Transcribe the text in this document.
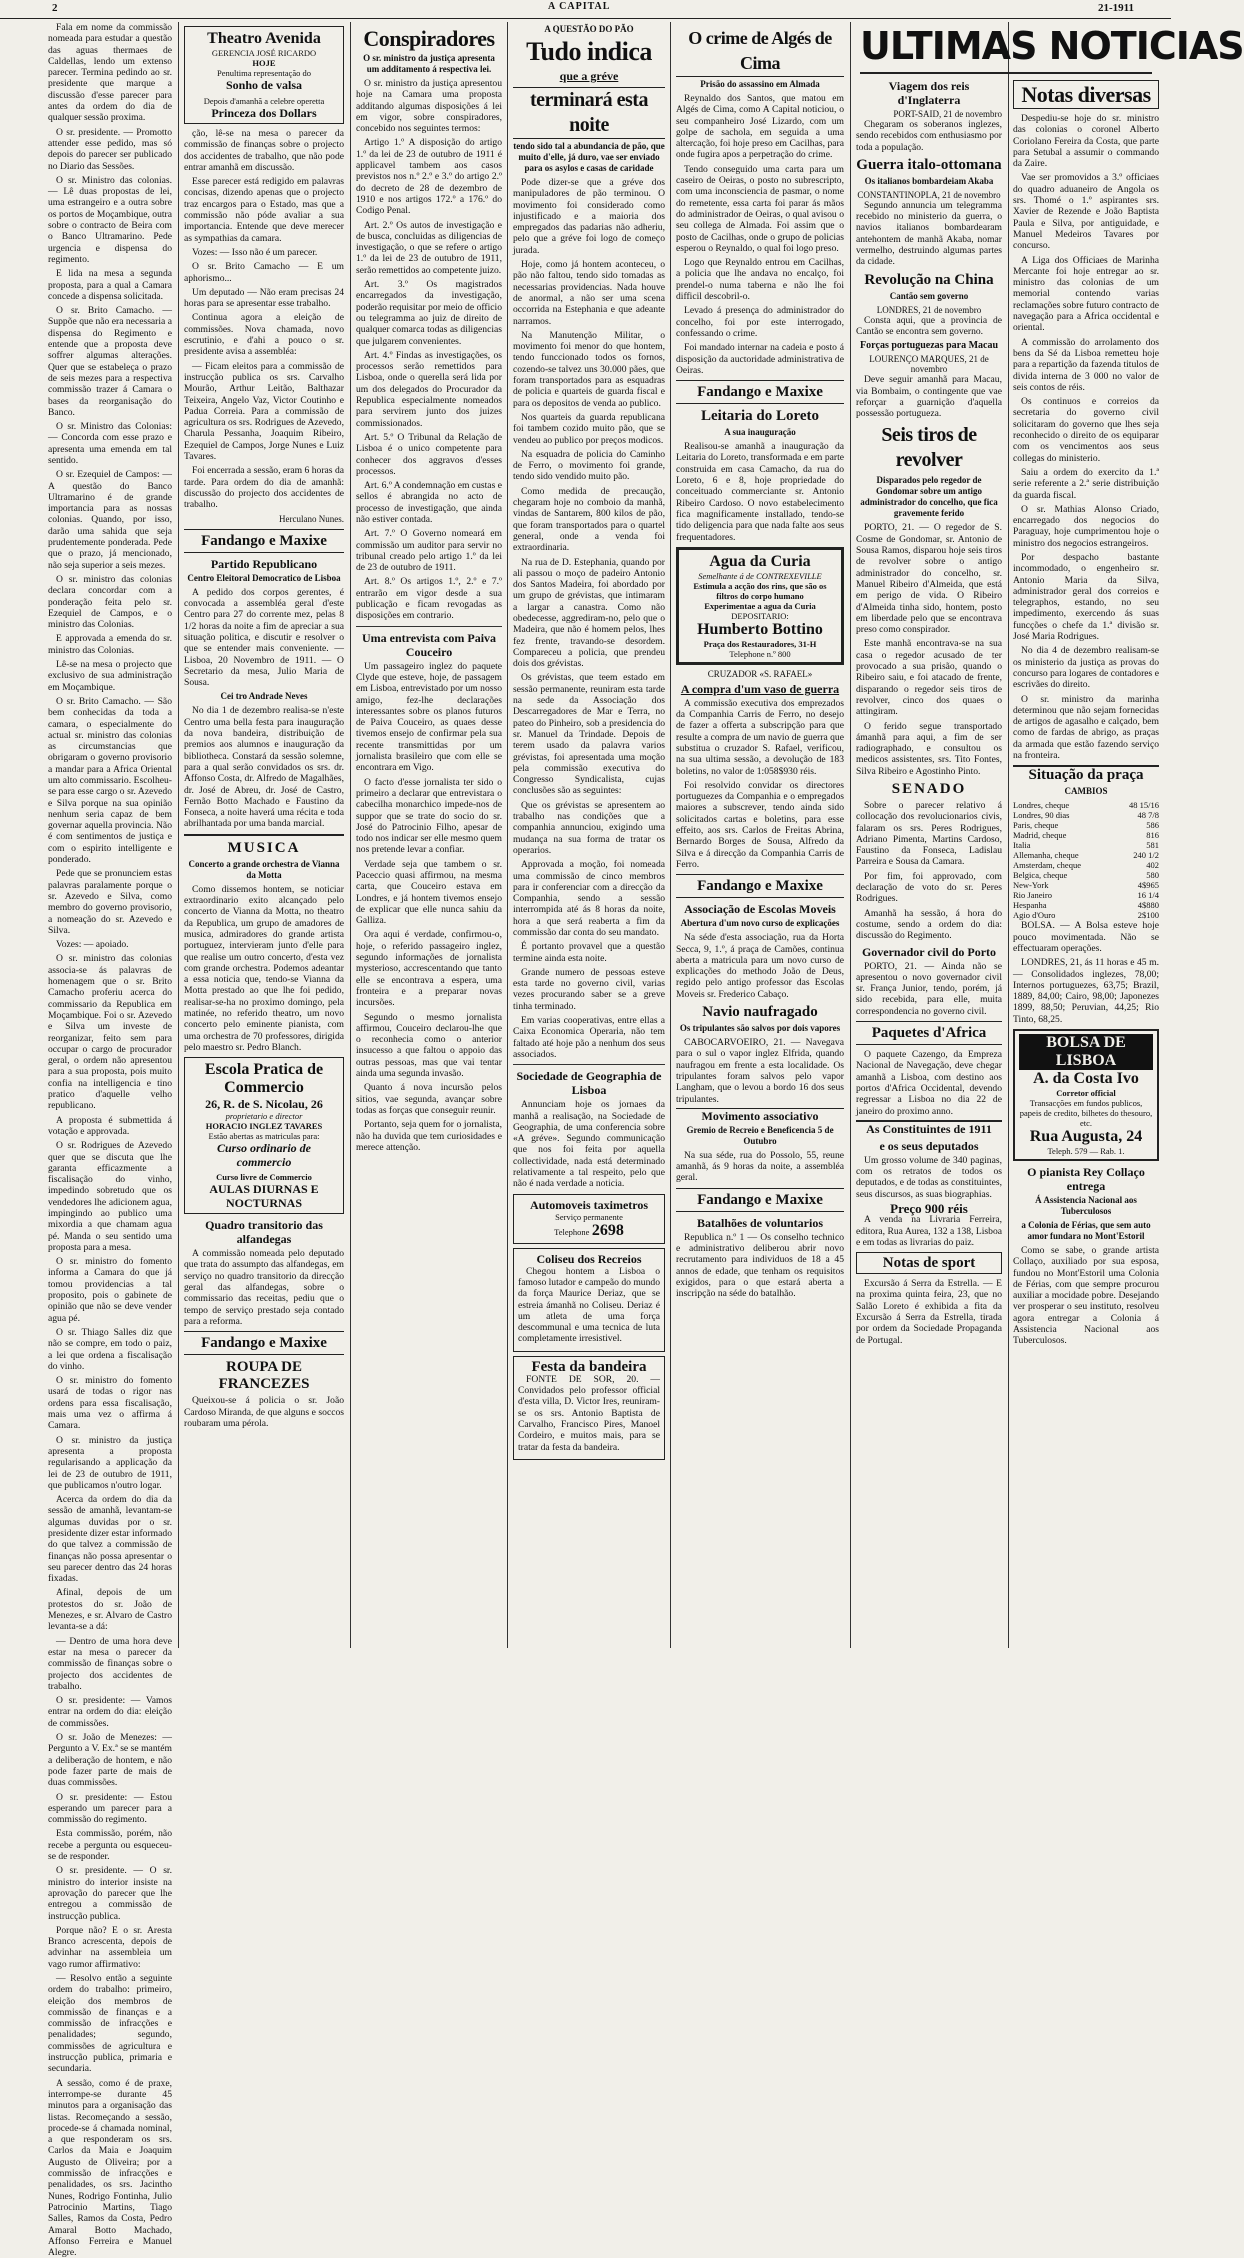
2	A CAPITAL	21-1911

Fala em nome da commissão nomeada para estudar a questão das aguas thermaes de Caldellas, lendo um extenso parecer. Termina pedindo ao sr. presidente que marque a discussão d'esse parecer para antes da ordem do dia de qualquer sessão proxima.

O sr. presidente. — Promotto attender esse pedido, mas só depois do parecer ser publicado no Diario das Sessões.

O sr. Ministro das colonias. — Lê duas propostas de lei, uma estrangeiro e a outra sobre os portos de Moçambique, outra sobre o contracto de Beira com o Banco Ultramarino. Pede urgencia e dispensa do regimento.

E lida na mesa a segunda proposta, para a qual a Camara concede a dispensa solicitada.

O sr. Brito Camacho. — Suppõe que não era necessaria a dispensa do Regimento e entende que a proposta deve soffrer algumas alterações. Quer que se estabeleça o prazo de seis mezes para a respectiva commissão trazer á Camara o bases da reorganisação do Banco.

O sr. Ministro das Colonias: — Concorda com esse prazo e apresenta uma emenda em tal sentido.

O sr. Ezequiel de Campos: — A questão do Banco Ultramarino é de grande importancia para as nossas colonias. Quando, por isso, darão uma sahida que seja prudentemente ponderada. Pede que o prazo, já mencionado, não seja superior a seis mezes.

O sr. ministro das colonias declara concordar com a ponderação feita pelo sr. Ezequiel de Campos, e o ministro das Colonias.

E approvada a emenda do sr. ministro das Colonias.

Lê-se na mesa o projecto que exclusivo de sua administração em Moçambique.

O sr. Brito Camacho. — São bem conhecidas da toda a camara, o especialmente do actual sr. ministro das colonias as circumstancias que obrigaram o governo provisorio a mandar para a Africa Oriental um alto commissario. Escolheu-se para esse cargo o sr. Azevedo e Silva porque na sua opinião nenhum seria capaz de bem governar aquella provincia. Não é com sentimentos de justiça e com o espirito intelligente e ponderado.

Pede que se pronunciem estas palavras paralamente porque o sr. Azevedo e Silva, como membro do governo provisorio, a nomeação do sr. Azevedo e Silva.

Vozes: — apoiado.

O sr. ministro das colonias associa-se ás palavras de homenagem que o sr. Brito Camacho proferiu acerca do commissario da Republica em Moçambique. Foi o sr. Azevedo e Silva um investe de reorganizar, feito sem para occupar o cargo de procurador geral, o ordem não apresentou para a sua proposta, pois muito confia na intelligencia e tino pratico d'aquelle velho republicano.

A proposta é submettida á votação e approvada.

O sr. Rodrigues de Azevedo quer que se discuta que lhe garanta efficazmente a fiscalisação do vinho, impedindo sobretudo que os vendedores lhe adicionem agua, impingindo ao publico uma mixordia a que chamam agua pé. Manda o seu sentido uma proposta para a mesa.

O sr. ministro do fomento informa a Camara do que já tomou providencias a tal proposito, pois o gabinete de opinião que não se deve vender agua pé.

O sr. Thiago Salles diz que não se compre, em todo o paiz, a lei que ordena a fiscalisação do vinho.

O sr. ministro do fomento usará de todas o rigor nas ordens para essa fiscalisação, mais uma vez o affirma á Camara.

O sr. ministro da justiça apresenta a proposta regularisando a applicação da lei de 23 de outubro de 1911, que publicamos n'outro logar.

Acerca da ordem do dia da sessão de amanhã, levantam-se algumas duvidas por o sr. presidente dizer estar informado do que talvez a commissão de finanças não possa apresentar o seu parecer dentro das 24 horas fixadas.

Afinal, depois de um protestos do sr. João de Menezes, e sr. Alvaro de Castro levanta-se a dá:

— Dentro de uma hora deve estar na mesa o parecer da commissão de finanças sobre o projecto dos accidentes de trabalho.

O sr. presidente: — Vamos entrar na ordem do dia: eleição de commissões.

O sr. João de Menezes: — Pergunto a V. Ex.ª se se mantém a deliberação de hontem, e não pode fazer parte de mais de duas commissões.

O sr. presidente: — Estou esperando um parecer para a commissão do regimento.

Esta commissão, porém, não recebe a pergunta ou esqueceu-se de responder.

O sr. presidente. — O sr. ministro do interior insiste na aprovação do parecer que lhe entregou a commissão de instrucção publica.

Porque não? E o sr. Aresta Branco acrescenta, depois de advinhar na assembleia um vago rumor affirmativo:

— Resolvo então a seguinte ordem do trabalho: primeiro, eleição dos membros de commissão de finanças e a commissão de infracções e penalidades; segundo, commissões de agricultura e instrucção publica, primaria e secundaria.

A sessão, como é de praxe, interrompe-se durante 45 minutos para a organisação das listas. Recomeçando a sessão, procede-se á chamada nominal, a que responderam os srs. Carlos da Maia e Joaquim Augusto de Oliveira; por a commissão de infracções e penalidades, os srs. Jacintho Nunes, Rodrigo Fontinha, Julio Patrocinio Martins, Tiago Salles, Ramos da Costa, Pedro Amaral Botto Machado, Affonso Ferreira e Manuel Alegre.

Theatro Avenida
GERENCIA JOSÉ RICARDO
HOJE
Penultima representação do
Sonho de valsa
Depois d'amanhã a celebre operetta
Princeza dos Dollars

ção, lê-se na mesa o parecer da commissão de finanças sobre o projecto dos accidentes de trabalho, que não pode entrar amanhã em discussão.

Esse parecer está redigido em palavras concisas, dizendo apenas que o projecto traz encargos para o Estado, mas que a commissão não póde avaliar a sua importancia. Entende que deve merecer as sympathias da camara.

Vozes: — Isso não é um parecer.

O sr. Brito Camacho — E um aphorismo...

Um deputado — Não eram precisas 24 horas para se apresentar esse trabalho.

Continua agora a eleição de commissões. Nova chamada, novo escrutinio, e d'ahi a pouco o sr. presidente avisa a assembléa:

— Ficam eleitos para a commissão de instrucção publica os srs. Carvalho Mourão, Arthur Leitão, Balthazar Teixeira, Angelo Vaz, Victor Coutinho e Padua Correia. Para a commissão de agricultura os srs. Rodrigues de Azevedo, Charula Pessanha, Joaquim Ribeiro, Ezequiel de Campos, Jorge Nunes e Luiz Tavares.

Foi encerrada a sessão, eram 6 horas da tarde. Para ordem do dia de amanhã: discussão do projecto dos accidentes de trabalho.

Herculano Nunes.
Fandango e Maxixe
Partido Republicano
Centro Eleitoral Democratico de Lisboa

A pedido dos corpos gerentes, é convocada a assembléa geral d'este Centro para 27 do corrente mez, pelas 8 1/2 horas da noite a fim de apreciar a sua situação politica, e discutir e resolver o que se entender mais conveniente. — Lisboa, 20 Novembro de 1911. — O Secretario da mesa, Julio Maria de Sousa.

Cei tro Andrade Neves

No dia 1 de dezembro realisa-se n'este Centro uma bella festa para inauguração da nova bandeira, distribuição de premios aos alumnos e inauguração da bibliotheca. Constará da sessão solemne, para a qual serão convidados os srs. dr. Affonso Costa, dr. Alfredo de Magalhães, dr. José de Abreu, dr. José de Castro, Fernão Botto Machado e Faustino da Fonseca, a noite haverá uma récita e toda abrilhantada por uma banda marcial.

MUSICA
Concerto a grande orchestra de Vianna da Motta

Como dissemos hontem, se noticiar extraordinario exito alcançado pelo concerto de Vianna da Motta, no theatro da Republica, um grupo de amadores de musica, admiradores do grande artista portuguez, intervieram junto d'elle para que realise um outro concerto, d'esta vez com grande orchestra. Podemos adeantar a essa noticia que, tendo-se Vianna da Motta prestado ao que lhe foi pedido, realisar-se-ha no proximo domingo, pela matinée, no referido theatro, um novo concerto pelo eminente pianista, com uma orchestra de 70 professores, dirigida pelo maestro sr. Pedro Blanch.

Escola Pratica de Commercio
26, R. de S. Nicolau, 26
proprietario e director
HORACIO INGLEZ TAVARES
Estão abertas as matriculas para:
Curso ordinario de commercio
Curso livre de Commercio
AULAS DIURNAS E NOCTURNAS
Quadro transitorio das alfandegas

A commissão nomeada pelo deputado que trata do assumpto das alfandegas, em serviço no quadro transitorio da direcção geral das alfandegas, sobre o commissario das receitas, pediu que o tempo de serviço prestado seja contado para a reforma.

Fandango e Maxixe
ROUPA DE FRANCEZES

Queixou-se á policia o sr. João Cardoso Miranda, de que alguns e soccos roubaram uma pérola.

Conspiradores
O sr. ministro da justiça apresenta um additamento á respectiva lei.

O sr. ministro da justiça apresentou hoje na Camara uma proposta additando algumas disposições á lei em vigor, sobre conspiradores, concebido nos seguintes termos:

Artigo 1.º A disposição do artigo 1.º da lei de 23 de outubro de 1911 é applicavel tambem aos casos previstos nos n.º 2.º e 3.º do artigo 2.º do decreto de 28 de dezembro de 1910 e nos artigos 172.º a 176.º do Codigo Penal.

Art. 2.º Os autos de investigação e de busca, concluidas as diligencias de investigação, o que se refere o artigo 1.º da lei de 23 de outubro de 1911, serão remettidos ao competente juizo.

Art. 3.º Os magistrados encarregados da investigação, poderão requisitar por meio de officio ou telegramma ao juiz de direito de qualquer comarca todas as diligencias que julgarem convenientes.

Art. 4.º Findas as investigações, os processos serão remettidos para Lisboa, onde o querella será lida por um dos delegados do Procurador da Republica especialmente nomeados para servirem junto dos juizes commissionados.

Art. 5.º O Tribunal da Relação de Lisboa é o unico competente para conhecer dos aggravos d'esses processos.

Art. 6.º A condemnação em custas e sellos é abrangida no acto de processo de investigação, que ainda não estiver contada.

Art. 7.º O Governo nomeará em commissão um auditor para servir no tribunal creado pelo artigo 1.º da lei de 23 de outubro de 1911.

Art. 8.º Os artigos 1.º, 2.º e 7.º entrarão em vigor desde a sua publicação e ficam revogadas as disposições em contrario.

Uma entrevista com Paiva Couceiro

Um passageiro inglez do paquete Clyde que esteve, hoje, de passagem em Lisboa, entrevistado por um nosso amigo, fez-lhe declarações interessantes sobre os planos futuros de Paiva Couceiro, as quaes desse tivemos ensejo de confirmar pela sua recente transmittidas por um jornalista brasileiro que com elle se encontrara em Vigo.

O facto d'esse jornalista ter sido o primeiro a declarar que entrevistara o cabecilha monarchico impede-nos de suppor que se trate do socio do sr. José do Patrocinio Filho, apesar de todo nos indicar ser elle mesmo quem nos pretende levar a confiar.

Verdade seja que tambem o sr. Paceccio quasi affirmou, na mesma carta, que Couceiro estava em Londres, e já hontem tivemos ensejo de explicar que elle nunca sahiu da Galliza.

Ora aqui é verdade, confirmou-o, hoje, o referido passageiro inglez, segundo informações de jornalista mysterioso, accrescentando que tanto elle se encontrava a espera, uma fronteira e a preparar novas incursões.

Segundo o mesmo jornalista affirmou, Couceiro declarou-lhe que o reconhecia como o anterior insucesso a que faltou o appoio das outras pessoas, mas que vai tentar ainda uma segunda invasão.

Quanto á nova incursão pelos sitios, vae segunda, avançar sobre todas as forças que conseguir reunir.

Portanto, seja quem for o jornalista, não ha duvida que tem curiosidades e merece attenção.

A QUESTÃO DO PÃO
Tudo indica
que a gréve
terminará esta noite
tendo sido tal a abundancia de pão, que muito d'elle, já duro, vae ser enviado para os asylos e casas de caridade

Pode dizer-se que a gréve dos manipuladores de pão terminou. O movimento foi considerado como injustificado e a maioria dos empregados das padarias não adheriu, pelo que a gréve foi logo de começo jurada.

Hoje, como já hontem aconteceu, o pão não faltou, tendo sido tomadas as necessarias providencias. Nada houve de anormal, a não ser uma scena occorrida na Estephania e que adeante narramos.

Na Manutenção Militar, o movimento foi menor do que hontem, tendo funccionado todos os fornos, cozendo-se talvez uns 30.000 pães, que foram transportados para as esquadras de policia e quarteis de guarda fiscal e para os depositos de venda ao publico.

Nos quarteis da guarda republicana foi tambem cozido muito pão, que se vendeu ao publico por preços modicos.

Na esquadra de policia do Caminho de Ferro, o movimento foi grande, tendo sido vendido muito pão.

Como medida de precaução, chegaram hoje no comboio da manhã, vindas de Santarem, 800 kilos de pão, que foram transportados para o quartel general, onde a venda foi extraordinaria.

Na rua de D. Estephania, quando por ali passou o moço de padeiro Antonio dos Santos Madeira, foi abordado por um grupo de grévistas, que intimaram a largar a canastra. Como não obedecesse, aggrediram-no, pelo que o Madeira, que não é homem pelos, lhes fez frente, travando-se desordem. Compareceu a policia, que prendeu dois dos grévistas.

Os grévistas, que teem estado em sessão permanente, reuniram esta tarde na sede da Associação dos Descarregadores de Mar e Terra, no pateo do Pinheiro, sob a presidencia do sr. Manuel da Trindade. Depois de terem usado da palavra varios grévistas, foi apresentada uma moção pela commissão executiva do Congresso Syndicalista, cujas conclusões são as seguintes:

Que os grévistas se apresentem ao trabalho nas condições que a companhia annunciou, exigindo uma mudança na sua forma de tratar os operarios.

Approvada a moção, foi nomeada uma commissão de cinco membros para ir conferenciar com a direcção da Companhia, sendo a sessão interrompida até ás 8 horas da noite, hora a que será reaberta a fim da commissão dar conta do seu mandato.

É portanto provavel que a questão termine ainda esta noite.

Grande numero de pessoas esteve esta tarde no governo civil, varias vezes procurando saber se a greve tinha terminado.

Em varias cooperativas, entre ellas a Caixa Economica Operaria, não tem faltado até hoje pão a nenhum dos seus associados.

Sociedade de Geographia de Lisboa

Annunciam hoje os jornaes da manhã a realisação, na Sociedade de Geographia, de uma conferencia sobre «A gréve». Segundo communicação que nos foi feita por aquella collectividade, nada está determinado relativamente a tal respeito, pelo que não é nada verdade a noticia.

Automoveis taximetros
Serviço permanente
Telephone 2698
Coliseu dos Recreios

Chegou hontem a Lisboa o famoso lutador e campeão do mundo da força Maurice Deriaz, que se estreia ámanhã no Coliseu. Deriaz é um atleta de uma força descommunal e uma tecnica de luta completamente irresistivel.

Festa da bandeira

FONTE DE SOR, 20. — Convidados pelo professor official d'esta villa, D. Victor Ires, reuniram-se os srs. Antonio Baptista de Carvalho, Francisco Pires, Manoel Cordeiro, e muitos mais, para se tratar da festa da bandeira.

O crime de Algés de Cima
Prisão do assassino em Almada

Reynaldo dos Santos, que matou em Algés de Cima, como A Capital noticiou, o seu companheiro José Lizardo, com um golpe de sachola, em seguida a uma altercação, foi hoje preso em Cacilhas, para onde fugira apos a perpetração do crime.

Tendo conseguido uma carta para um caseiro de Oeiras, o posto no subrescripto, com uma inconsciencia de pasmar, o nome do remetente, essa carta foi parar ás mãos do administrador de Oeiras, o qual avisou o seu collega de Almada. Foi assim que o posto de Cacilhas, onde o grupo de policias esperou o Reynaldo, o qual foi logo preso.

Logo que Reynaldo entrou em Cacilhas, a policia que lhe andava no encalço, foi prendel-o numa taberna e não lhe foi difficil descobril-o.

Levado á presença do administrador do concelho, foi por este interrogado, confessando o crime.

Foi mandado internar na cadeia e posto á disposição da auctoridade administrativa de Oeiras.

Fandango e Maxixe
Leitaria do Loreto
A sua inauguração

Realisou-se amanhã a inauguração da Leitaria do Loreto, transformada e em parte construida em casa Camacho, da rua do Loreto, 6 e 8, hoje propriedade do conceituado commerciante sr. Antonio Ribeiro Cardoso. O novo estabelecimento fica magnificamente installado, tendo-se tido deligencia para que nada falte aos seus frequentadores.

Agua da Curia
Semelhante á de CONTREXEVILLE
Estimula a acção dos rins, que são os filtros do corpo humano
Experimentae a agua da Curia
DEPOSITARIO:
Humberto Bottino
Praça dos Restauradores, 31-H
Telephone n.º 800
CRUZADOR «S. RAFAEL»
A compra d'um vaso de guerra

A commissão executiva dos emprezados da Companhia Carris de Ferro, no desejo de fazer a offerta a subscripção para que resulte a compra de um navio de guerra que substitua o cruzador S. Rafael, verificou, na sua ultima sessão, a devolução de 183 boletins, no valor de 1:058$930 réis.

Foi resolvido convidar os directores portuguezes da Companhia e o empregados maiores a subscrever, tendo ainda sido solicitados cartas e boletins, para esse effeito, aos srs. Carlos de Freitas Abrina, Bernardo Borges de Sousa, Alfredo da Silva e á direcção da Companhia Carris de Ferro.

Fandango e Maxixe
Associação de Escolas Moveis
Abertura d'um novo curso de explicações

Na séde d'esta associação, rua da Horta Secca, 9, 1.º, á praça de Camões, continua aberta a matricula para um novo curso de explicações do methodo João de Deus, regido pelo antigo professor das Escolas Moveis sr. Frederico Cabaço.

Navio naufragado
Os tripulantes são salvos por dois vapores

CABOCARVOEIRO, 21. — Navegava para o sul o vapor inglez Elfrida, quando naufragou em frente a esta localidade. Os tripulantes foram salvos pelo vapor Langham, que o levou a bordo 16 dos seus tripulantes.

Movimento associativo
Gremio de Recreio e Beneficencia 5 de Outubro

Na sua séde, rua do Possolo, 55, reune amanhã, ás 9 horas da noite, a assembléa geral.

Fandango e Maxixe
Batalhões de voluntarios

Republica n.º 1 — Os conselho technico e administrativo deliberou abrir novo recrutamento para individuos de 18 a 45 annos de edade, que tenham os requisitos exigidos, para o que estará aberta a inscripção na séde do batalhão.

ULTIMAS NOTICIAS
Viagem dos reis d'Inglaterra
PORT-SAID, 21 de novembro

Chegaram os soberanos inglezes, sendo recebidos com enthusiasmo por toda a população.

Guerra italo-ottomana
Os italianos bombardeiam Akaba
CONSTANTINOPLA, 21 de novembro

Segundo annuncia um telegramma recebido no ministerio da guerra, o navios italianos bombardearam antehontem de manhã Akaba, nomar vermelho, destruindo algumas partes da cidade.

Revolução na China
Cantão sem governo
LONDRES, 21 de novembro

Consta aqui, que a provincia de Cantão se encontra sem governo.

Forças portuguezas para Macau
LOURENÇO MARQUES, 21 de novembro

Deve seguir amanhã para Macau, via Bombaim, o contingente que vae reforçar a guarnição d'aquella possessão portugueza.

Seis tiros de revolver
Disparados pelo regedor de Gondomar sobre um antigo administrador do concelho, que fica gravemente ferido

PORTO, 21. — O regedor de S. Cosme de Gondomar, sr. Antonio de Sousa Ramos, disparou hoje seis tiros de revolver sobre o antigo administrador do concelho, sr. Manuel Ribeiro d'Almeida, que está em perigo de vida. O Ribeiro d'Almeida tinha sido, hontem, posto em liberdade pelo que se encontrava preso como conspirador.

Este manhã encontrava-se na sua casa o regedor acusado de ter provocado a sua prisão, quando o Ribeiro saiu, e foi atacado de frente, disparando o regedor seis tiros de revolver, cinco dos quaes o attingiram.

O ferido segue transportado ámanhã para aqui, a fim de ser radiographado, e consultou os medicos assistentes, srs. Tito Fontes, Silva Ribeiro e Agostinho Pinto.

SENADO

Sobre o parecer relativo á collocação dos revolucionarios civis, falaram os srs. Peres Rodrigues, Adriano Pimenta, Martins Cardoso, Faustino da Fonseca, Ladislau Parreira e Sousa da Camara.

Por fim, foi approvado, com declaração de voto do sr. Peres Rodrigues.

Amanhã ha sessão, á hora do costume, sendo a ordem do dia: discussão do Regimento.

Governador civil do Porto

PORTO, 21. — Ainda não se apresentou o novo governador civil sr. França Junior, tendo, porém, já sido recebida, para elle, muita correspondencia no governo civil.

Paquetes d'Africa

O paquete Cazengo, da Empreza Nacional de Navegação, deve chegar amanhã a Lisboa, com destino aos portos d'Africa Occidental, devendo regressar a Lisboa no dia 22 de janeiro do proximo anno.

As Constituintes de 1911
e os seus deputados

Um grosso volume de 340 paginas, com os retratos de todos os deputados, e de todas as constituintes, seus discursos, as suas biographias.

Preço 900 réis

A venda na Livraria Ferreira, editora, Rua Aurea, 132 a 138, Lisboa e em todas as livrarias do paiz.

Notas de sport

Excursão á Serra da Estrella. — E na proxima quinta feira, 23, que no Salão Loreto é exhibida a fita da Excursão á Serra da Estrella, tirada por ordem da Sociedade Propaganda de Portugal.

Notas diversas

Despediu-se hoje do sr. ministro das colonias o coronel Alberto Coriolano Fereira da Costa, que parte para Setubal a assumir o commando da Zaire.

Vae ser promovidos a 3.º officiaes do quadro aduaneiro de Angola os srs. Thomé o 1.º aspirantes srs. Xavier de Rezende e João Baptista Paula e Silva, por antiguidade, e Manuel Medeiros Tavares por concurso.

A Liga dos Officiaes de Marinha Mercante foi hoje entregar ao sr. ministro das colonias de um memorial contendo varias reclamações sobre futuro contracto de navegação para a Africa occidental e oriental.

A commissão do arrolamento dos bens da Sé da Lisboa remetteu hoje para a repartição da fazenda titulos de divida interna de 3 000 no valor de seis contos de réis.

Os continuos e correios da secretaria do governo civil solicitaram do governo que lhes seja reconhecido o direito de os equiparar com os vencimentos aos seus collegas do ministerio.

Saiu a ordem do exercito da 1.ª serie referente a 2.ª serie distribuição da guarda fiscal.

O sr. Mathias Alonso Criado, encarregado dos negocios do Paraguay, hoje cumprimentou hoje o ministro dos negocios estrangeiros.

Por despacho bastante incommodado, o engenheiro sr. Antonio Maria da Silva, administrador geral dos correios e telegraphos, estando, no seu impedimento, exercendo ás suas funcções o chefe da 1.ª divisão sr. José Maria Rodrigues.

No dia 4 de dezembro realisam-se os ministerio da justiça as provas do concurso para logares de contadores e escrivães do direito.

O sr. ministro da marinha determinou que não sejam fornecidas de artigos de agasalho e calçado, bem como de fardas de abrigo, as praças da armada que estão fazendo serviço na fronteira.

Situação da praça
CAMBIOS
Londres, cheque	48 15/16
Londres, 90 dias	48 7/8
Paris, cheque	586
Madrid, cheque	816
Italia	581
Allemanha, cheque	240 1/2
Amsterdam, cheque	402
Belgica, cheque	580
New-York	4$965
Rio Janeiro	16 1/4
Hespanha	4$880
Agio d'Ouro	2$100

BOLSA. — A Bolsa esteve hoje pouco movimentada. Não se effectuaram operações.

LONDRES, 21, ás 11 horas e 45 m. — Consolidados inglezes, 78,00; Internos portuguezes, 63,75; Brazil, 1889, 84,00; Cairo, 98,00; Japonezes 1899, 88,50; Peruvian, 44,25; Rio Tinto, 68,25.

BOLSA DE LISBOA
A. da Costa Ivo
Corretor official
Transacções em fundos publicos, papeis de credito, bilhetes do thesouro, etc.
Rua Augusta, 24
Teleph. 579 — Rab. 1.
O pianista Rey Collaço entrega
Á Assistencia Nacional aos Tuberculosos
a Colonia de Férias, que sem auto amor fundara no Mont'Estoril

Como se sabe, o grande artista Collaço, auxiliado por sua esposa, fundou no Mont'Estoril uma Colonia de Férias, com que sempre procurou auxiliar a mocidade pobre. Desejando ver prosperar o seu instituto, resolveu agora entregar a Colonia á Assistencia Nacional aos Tuberculosos.
